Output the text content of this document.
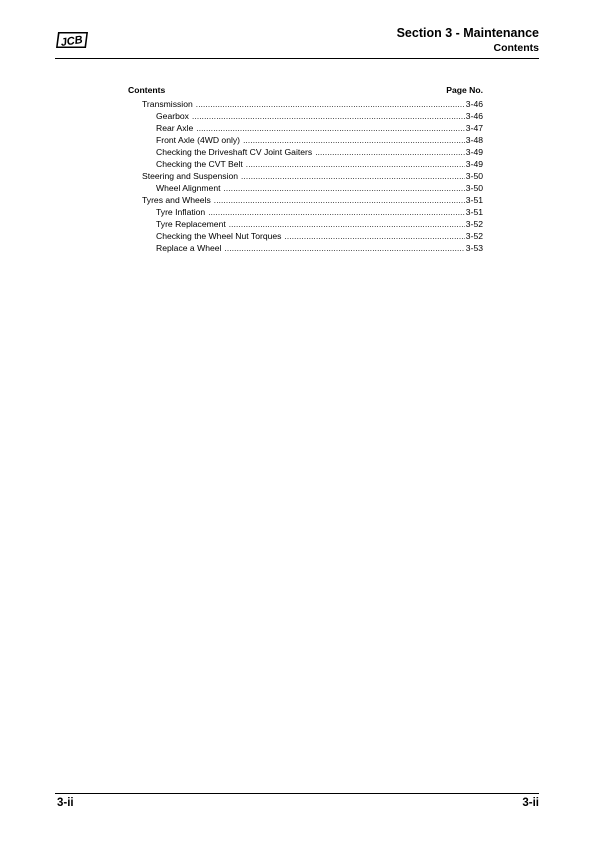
JCB
Section 3 - Maintenance
Contents
Contents	Page No.
Transmission .....	3-46
Gearbox .....	3-46
Rear Axle .....	3-47
Front Axle (4WD only) .....	3-48
Checking the Driveshaft CV Joint Gaiters .....	3-49
Checking the CVT Belt .....	3-49
Steering and Suspension .....	3-50
Wheel Alignment .....	3-50
Tyres and Wheels .....	3-51
Tyre Inflation .....	3-51
Tyre Replacement .....	3-52
Checking the Wheel Nut Torques .....	3-52
Replace a Wheel .....	3-53
3-ii	3-ii
